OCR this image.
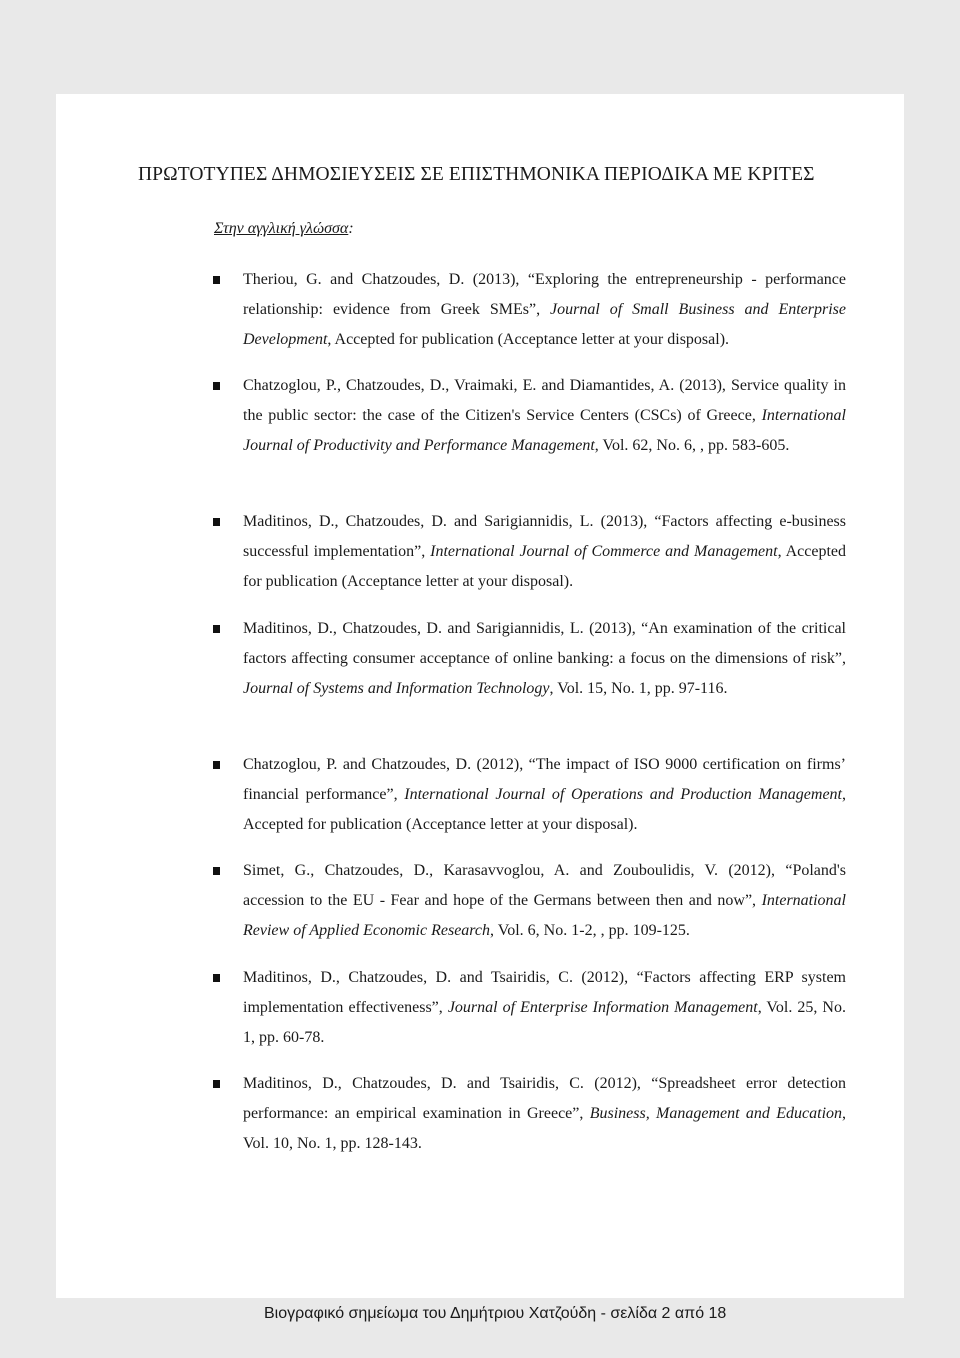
ΠΡΩΤΟΤΥΠΕΣ ΔΗΜΟΣΙΕΥΣΕΙΣ ΣΕ ΕΠΙΣΤΗΜΟΝΙΚΑ ΠΕΡΙΟΔΙΚΑ ΜΕ ΚΡΙΤΕΣ
Στην αγγλική γλώσσα:

Theriou, G. and Chatzoudes, D. (2013), “Exploring the entrepreneurship - performance relationship: evidence from Greek SMEs”, Journal of Small Business and Enterprise Development, Accepted for publication (Acceptance letter at your disposal).

Chatzoglou, P., Chatzoudes, D., Vraimaki, E. and Diamantides, A. (2013), Service quality in the public sector: the case of the Citizen's Service Centers (CSCs) of Greece, International Journal of Productivity and Performance Management, Vol. 62, No. 6, , pp. 583-605.

Maditinos, D., Chatzoudes, D. and Sarigiannidis, L. (2013), “Factors affecting e-business successful implementation”, International Journal of Commerce and Management, Accepted for publication (Acceptance letter at your disposal).

Maditinos, D., Chatzoudes, D. and Sarigiannidis, L. (2013), “An examination of the critical factors affecting consumer acceptance of online banking: a focus on the dimensions of risk”, Journal of Systems and Information Technology, Vol. 15, No. 1, pp. 97-116.

Chatzoglou, P. and Chatzoudes, D. (2012), “The impact of ISO 9000 certification on firms’ financial performance”, International Journal of Operations and Production Management, Accepted for publication (Acceptance letter at your disposal).

Simet, G., Chatzoudes, D., Karasavvoglou, A. and Zouboulidis, V. (2012), “Poland's accession to the EU - Fear and hope of the Germans between then and now”, International Review of Applied Economic Research, Vol. 6, No. 1-2, , pp. 109-125.

Maditinos, D., Chatzoudes, D. and Tsairidis, C. (2012), “Factors affecting ERP system implementation effectiveness”, Journal of Enterprise Information Management, Vol. 25, No. 1, pp. 60-78.

Maditinos, D., Chatzoudes, D. and Tsairidis, C. (2012), “Spreadsheet error detection performance: an empirical examination in Greece”, Business, Management and Education, Vol. 10, No. 1, pp. 128-143.

Βιογραφικό σημείωμα του Δημήτριου Χατζούδη - σελίδα 2 από 18
